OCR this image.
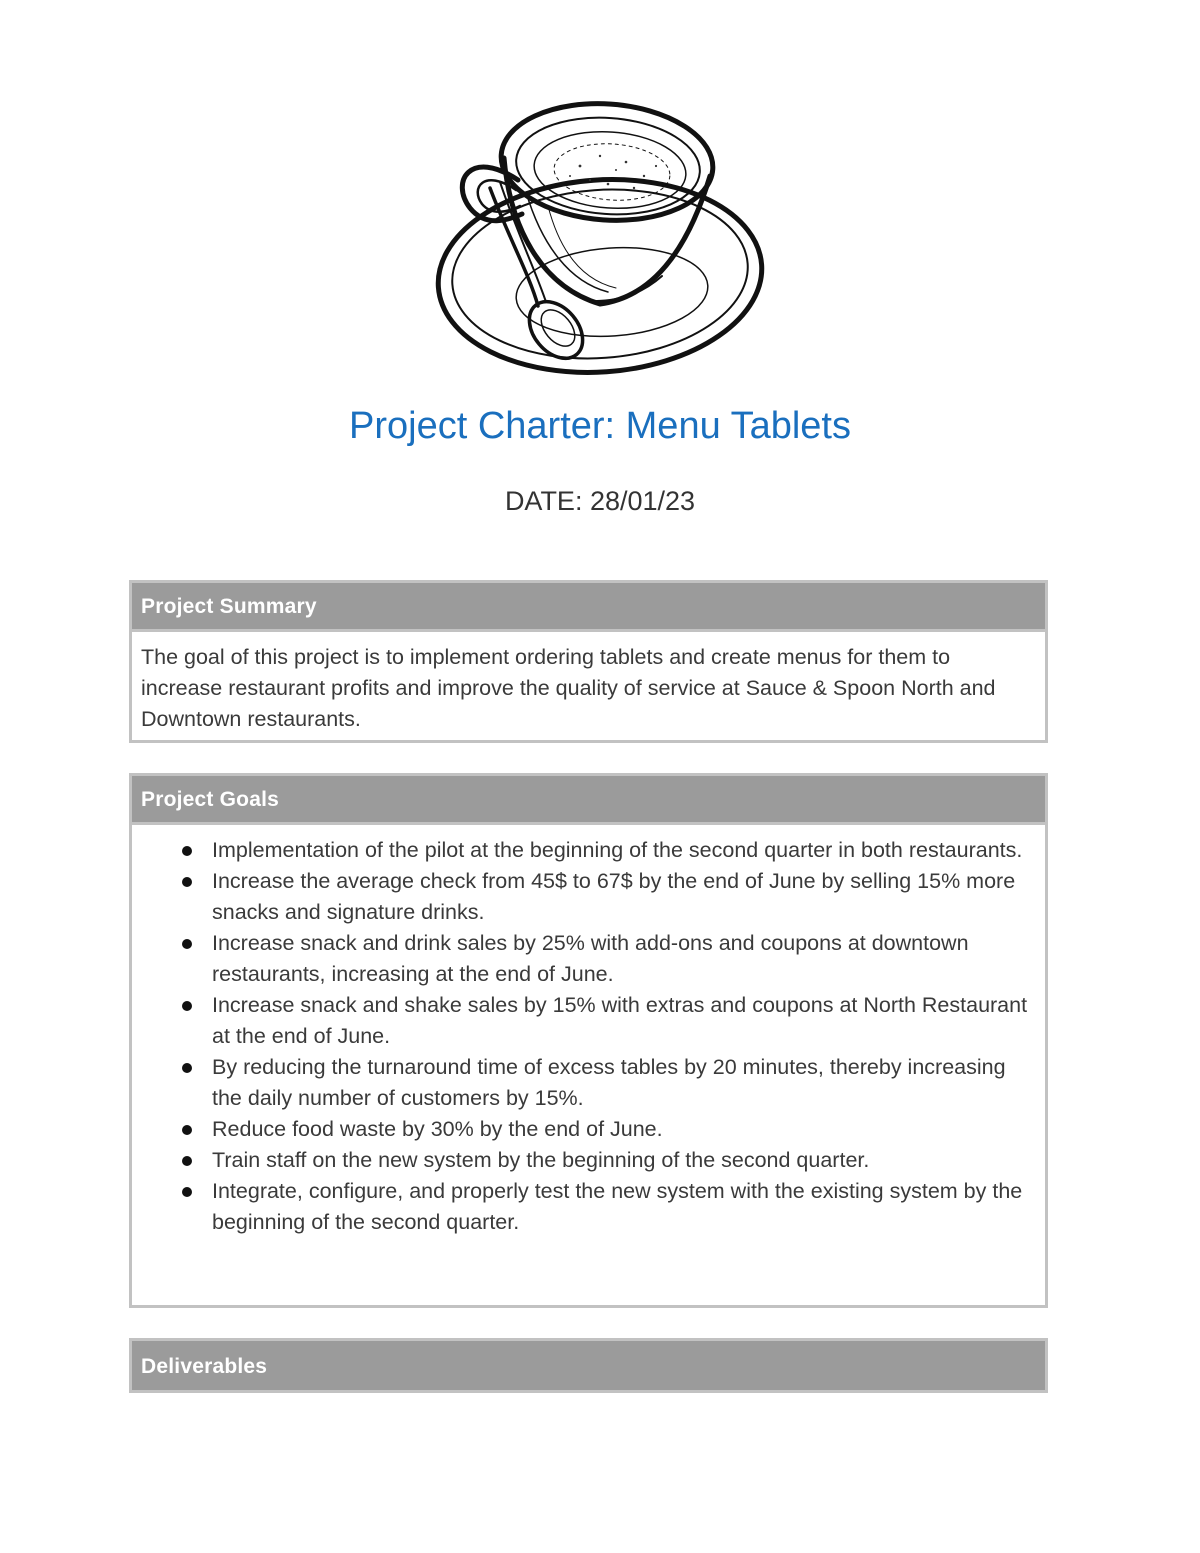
Project Charter: Menu Tablets
DATE: 28/01/23
Project Summary
The goal of this project is to implement ordering tablets and create menus for them to increase restaurant profits and improve the quality of service at Sauce & Spoon North and Downtown restaurants.
Project Goals
Implementation of the pilot at the beginning of the second quarter in both restaurants.
Increase the average check from 45$ to 67$ by the end of June by selling 15% more snacks and signature drinks.
Increase snack and drink sales by 25% with add-ons and coupons at downtown restaurants, increasing at the end of June.
Increase snack and shake sales by 15% with extras and coupons at North Restaurant at the end of June.
By reducing the turnaround time of excess tables by 20 minutes, thereby increasing the daily number of customers by 15%.
Reduce food waste by 30% by the end of June.
Train staff on the new system by the beginning of the second quarter.
Integrate, configure, and properly test the new system with the existing system by the beginning of the second quarter.
Deliverables
